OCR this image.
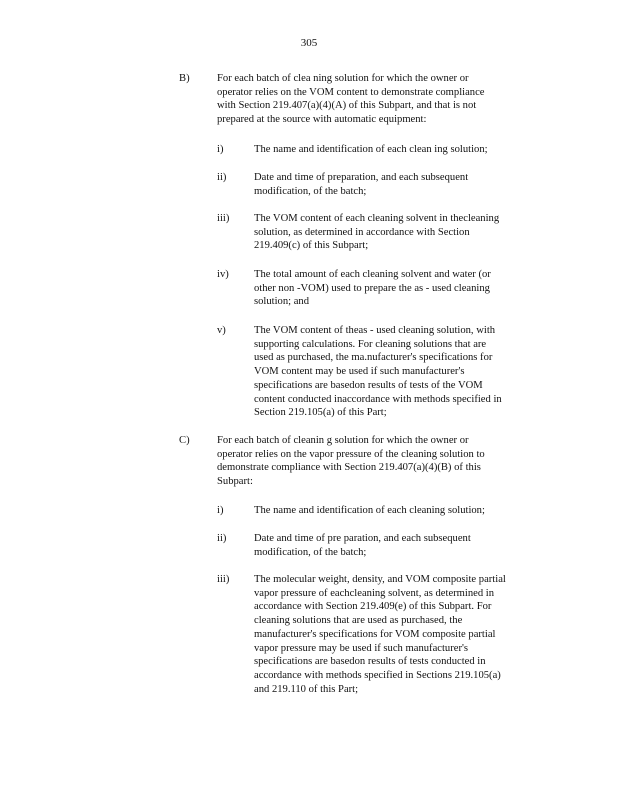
305
B)	For each batch of clea ning solution for which the owner or
operator relies on the VOM content to demonstrate compliance
with Section 219.407(a)(4)(A) of this Subpart, and that is not
prepared at the source with automatic equipment:
i)	The name and identification of each clean ing solution;
ii)	Date and time of preparation, and each subsequent
modification, of the batch;
iii) The VOM content of each cleaning solvent in thecleaning
solution, as determined in accordance with Section
219.409(c) of this Subpart;
iv) The total amount of each cleaning solvent and water (or
other non -VOM) used to prepare the as - used cleaning
solution; and
v)	The VOM content of theas - used cleaning solution, with
supporting calculations. For cleaning solutions that are
used as purchased, the ma.nufacturer's specifications for
VOM content may be used if such manufacturer's
specifications are basedon results of tests of the VOM
content conducted inaccordance with methods specified in
Section 219.105(a) of this Part;
C)	For each batch of cleanin g solution for which the owner or
operator relies on the vapor pressure of the cleaning solution to
demonstrate compliance with Section 219.407(a)(4)(B) of this
Subpart:
i)	The name and identification of each cleaning solution;
ii)	Date and time of pre paration, and each subsequent
modification, of the batch;
iii) The molecular weight, density, and VOM composite partial
vapor pressure of eachcleaning solvent, as determined in
accordance with Section 219.409(e) of this Subpart. For
cleaning solutions that are used as purchased, the
manufacturer's specifications for VOM composite partial
vapor pressure may be used if such manufacturer's
specifications are basedon results of tests conducted in
accordance with methods specified in Sections 219.105(a)
and 219.110 of this Part;
